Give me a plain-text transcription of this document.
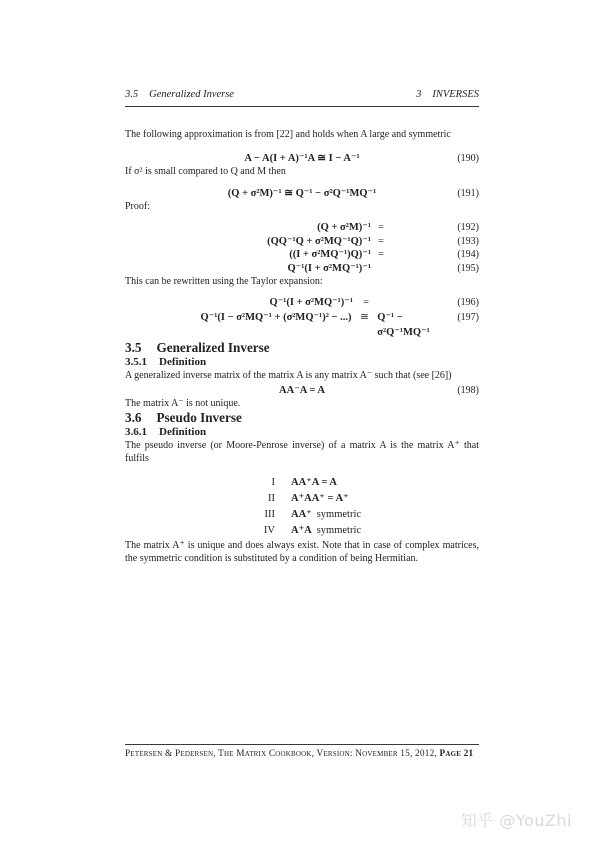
3.5 Generalized Inverse	3 INVERSES

The following approximation is from [22] and holds when A large and symmetric

A − A(I + A)⁻¹A ≅ I − A⁻¹	(190)

If σ² is small compared to Q and M then

(Q + σ²M)⁻¹ ≅ Q⁻¹ − σ²Q⁻¹MQ⁻¹	(191)

Proof:

(Q + σ²M)⁻¹ =	(192)
(QQ⁻¹Q + σ²MQ⁻¹Q)⁻¹ =	(193)
((I + σ²MQ⁻¹)Q)⁻¹ =	(194)
Q⁻¹(I + σ²MQ⁻¹)⁻¹	(195)

This can be rewritten using the Taylor expansion:

Q⁻¹(I + σ²MQ⁻¹)⁻¹ =	(196)
Q⁻¹(I − σ²MQ⁻¹ + (σ²MQ⁻¹)² − ...) ≅ Q⁻¹ − σ²Q⁻¹MQ⁻¹
(197)
3.5 Generalized Inverse
3.5.1 Definition

A generalized inverse matrix of the matrix A is any matrix A⁻ such that (see [26])

AA⁻A = A	(198)

The matrix A⁻ is not unique.

3.6 Pseudo Inverse
3.6.1 Definition

The pseudo inverse (or Moore-Penrose inverse) of a matrix A is the matrix A⁺ that fulfils

I AA⁺A = A
II A⁺AA⁺ = A⁺
III AA⁺ symmetric
IV A⁺A symmetric

The matrix A⁺ is unique and does always exist. Note that in case of complex matrices, the symmetric condition is substituted by a condition of being Hermitian.

Petersen & Pedersen, The Matrix Cookbook, Version: November 15, 2012, Page 21
知乎 @YouZhi
